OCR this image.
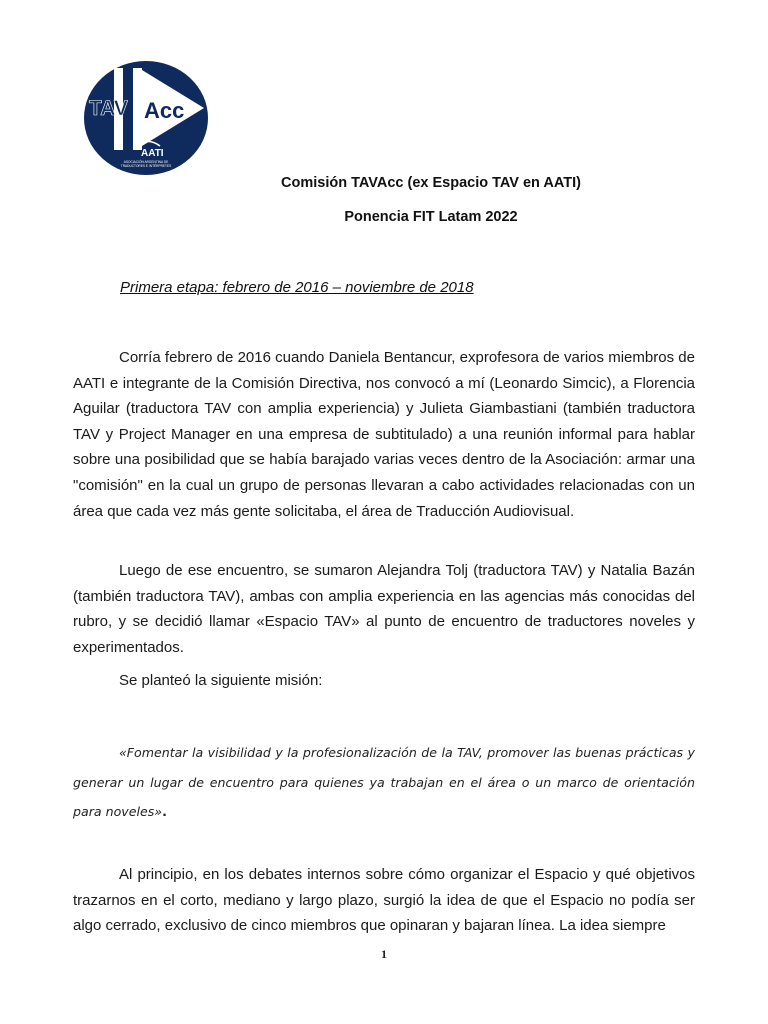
TAV Acc
AATI
ASOCIACIÓN ARGENTINA DE
TRADUCTORES E INTÉRPRETES
Comisión TAVAcc (ex Espacio TAV en AATI)
Ponencia FIT Latam 2022
Primera etapa: febrero de 2016 – noviembre de 2018

Corría febrero de 2016 cuando Daniela Bentancur, exprofesora de varios miembros de AATI e integrante de la Comisión Directiva, nos convocó a mí (Leonardo Simcic), a Florencia Aguilar (traductora TAV con amplia experiencia) y Julieta Giambastiani (también traductora TAV y Project Manager en una empresa de subtitulado) a una reunión informal para hablar sobre una posibilidad que se había barajado varias veces dentro de la Asociación: armar una "comisión" en la cual un grupo de personas llevaran a cabo actividades relacionadas con un área que cada vez más gente solicitaba, el área de Traducción Audiovisual.

Luego de ese encuentro, se sumaron Alejandra Tolj (traductora TAV) y Natalia Bazán (también traductora TAV), ambas con amplia experiencia en las agencias más conocidas del rubro, y se decidió llamar «Espacio TAV» al punto de encuentro de traductores noveles y experimentados.

Se planteó la siguiente misión:

«Fomentar la visibilidad y la profesionalización de la TAV, promover las buenas prácticas y generar un lugar de encuentro para quienes ya trabajan en el área o un marco de orientación para noveles».

Al principio, en los debates internos sobre cómo organizar el Espacio y qué objetivos trazarnos en el corto, mediano y largo plazo, surgió la idea de que el Espacio no podía ser algo cerrado, exclusivo de cinco miembros que opinaran y bajaran línea. La idea siempre

1
